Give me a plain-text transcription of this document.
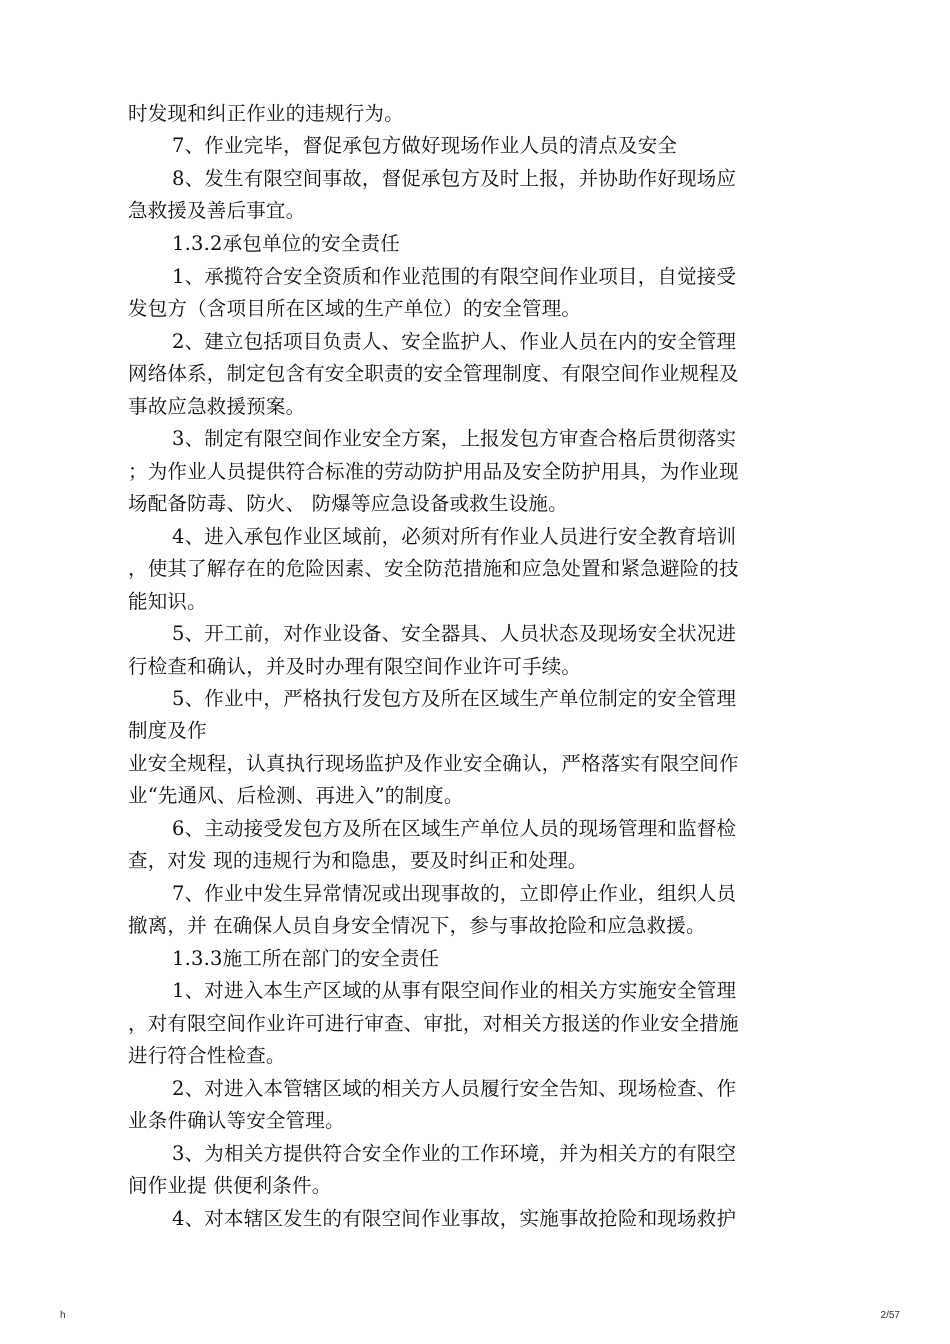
时发现和纠正作业的违规行为。
7、作业完毕，督促承包方做好现场作业人员的清点及安全
8、发生有限空间事故，督促承包方及时上报，并协助作好现场应
急救援及善后事宜。
1.3.2承包单位的安全责任
1、承揽符合安全资质和作业范围的有限空间作业项目，自觉接受
发包方（含项目所在区域的生产单位）的安全管理。
2、建立包括项目负责人、安全监护人、作业人员在内的安全管理
网络体系，制定包含有安全职责的安全管理制度、有限空间作业规程及
事故应急救援预案。
3、制定有限空间作业安全方案，上报发包方审查合格后贯彻落实
；为作业人员提供符合标准的劳动防护用品及安全防护用具，为作业现
场配备防毒、防火、 防爆等应急设备或救生设施。
4、进入承包作业区域前，必须对所有作业人员进行安全教育培训
，使其了解存在的危险因素、安全防范措施和应急处置和紧急避险的技
能知识。
5、开工前，对作业设备、安全器具、人员状态及现场安全状况进
行检查和确认，并及时办理有限空间作业许可手续。
5、作业中，严格执行发包方及所在区域生产单位制定的安全管理
制度及作
业安全规程，认真执行现场监护及作业安全确认，严格落实有限空间作
业“先通风、后检测、再进入”的制度。
6、主动接受发包方及所在区域生产单位人员的现场管理和监督检
查，对发 现的违规行为和隐患，要及时纠正和处理。
7、作业中发生异常情况或出现事故的，立即停止作业，组织人员
撤离，并 在确保人员自身安全情况下，参与事故抢险和应急救援。
1.3.3施工所在部门的安全责任
1、对进入本生产区域的从事有限空间作业的相关方实施安全管理
，对有限空间作业许可进行审查、审批，对相关方报送的作业安全措施
进行符合性检查。
2、对进入本管辖区域的相关方人员履行安全告知、现场检查、作
业条件确认等安全管理。
3、为相关方提供符合安全作业的工作环境，并为相关方的有限空
间作业提 供便利条件。
4、对本辖区发生的有限空间作业事故，实施事故抢险和现场救护
h	2/57
